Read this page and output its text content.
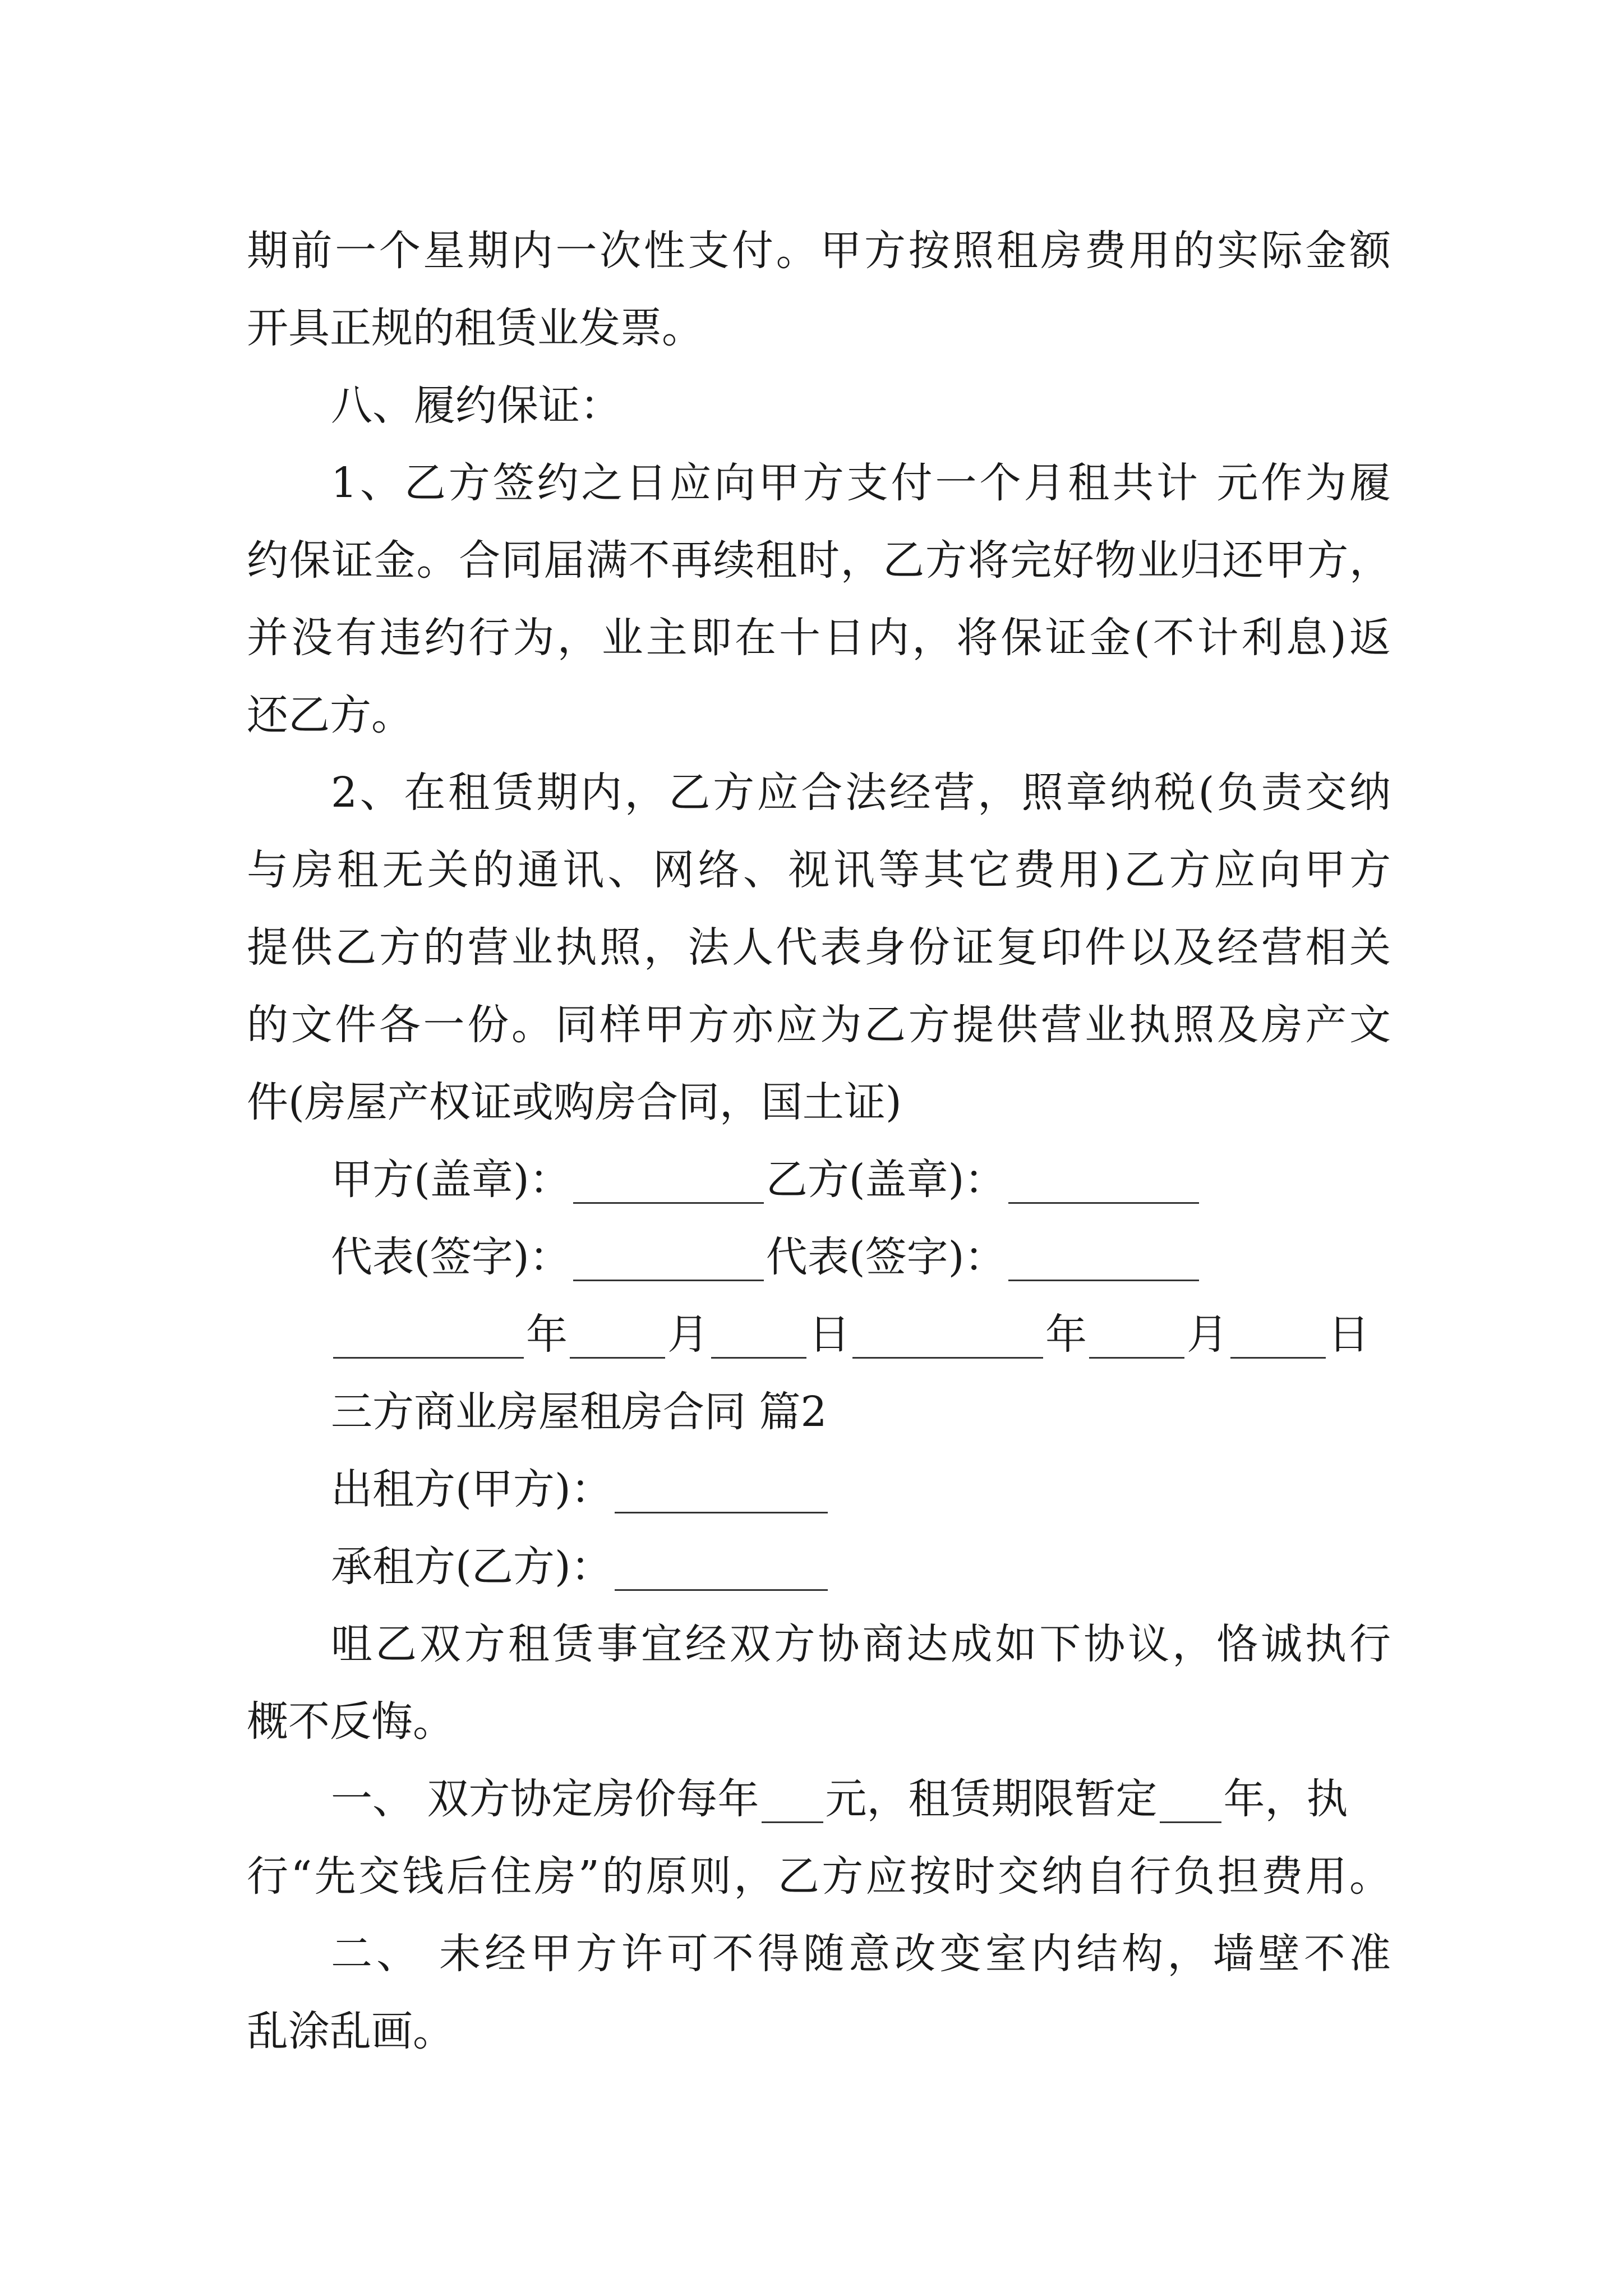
期前一个星期内一次性支付。甲方按照租房费用的实际金额
开具正规的租赁业发票。
八、履约保证：
1、乙方签约之日应向甲方支付一个月租共计 元作为履
约保证金。合同届满不再续租时，乙方将完好物业归还甲方，
并没有违约行为，业主即在十日内，将保证金(不计利息)返
还乙方。
2、在租赁期内，乙方应合法经营，照章纳税(负责交纳
与房租无关的通讯、网络、视讯等其它费用)乙方应向甲方
提供乙方的营业执照，法人代表身份证复印件以及经营相关
的文件各一份。同样甲方亦应为乙方提供营业执照及房产文
件(房屋产权证或购房合同，国土证)
甲方(盖章)：	乙方(盖章)：
代表(签字)：	代表(签字)：
年 月 日	年 月 日
三方商业房屋租房合同 篇2
出租方(甲方)：
承租方(乙方)：
咀乙双方租赁事宜经双方协商达成如下协议，恪诚执行
概不反悔。
一、 双方协定房价每年 元，租赁期限暂定 年，执
行“先交钱后住房”的原则，乙方应按时交纳自行负担费用。
二、 未经甲方许可不得随意改变室内结构，墙壁不准
乱涂乱画。
